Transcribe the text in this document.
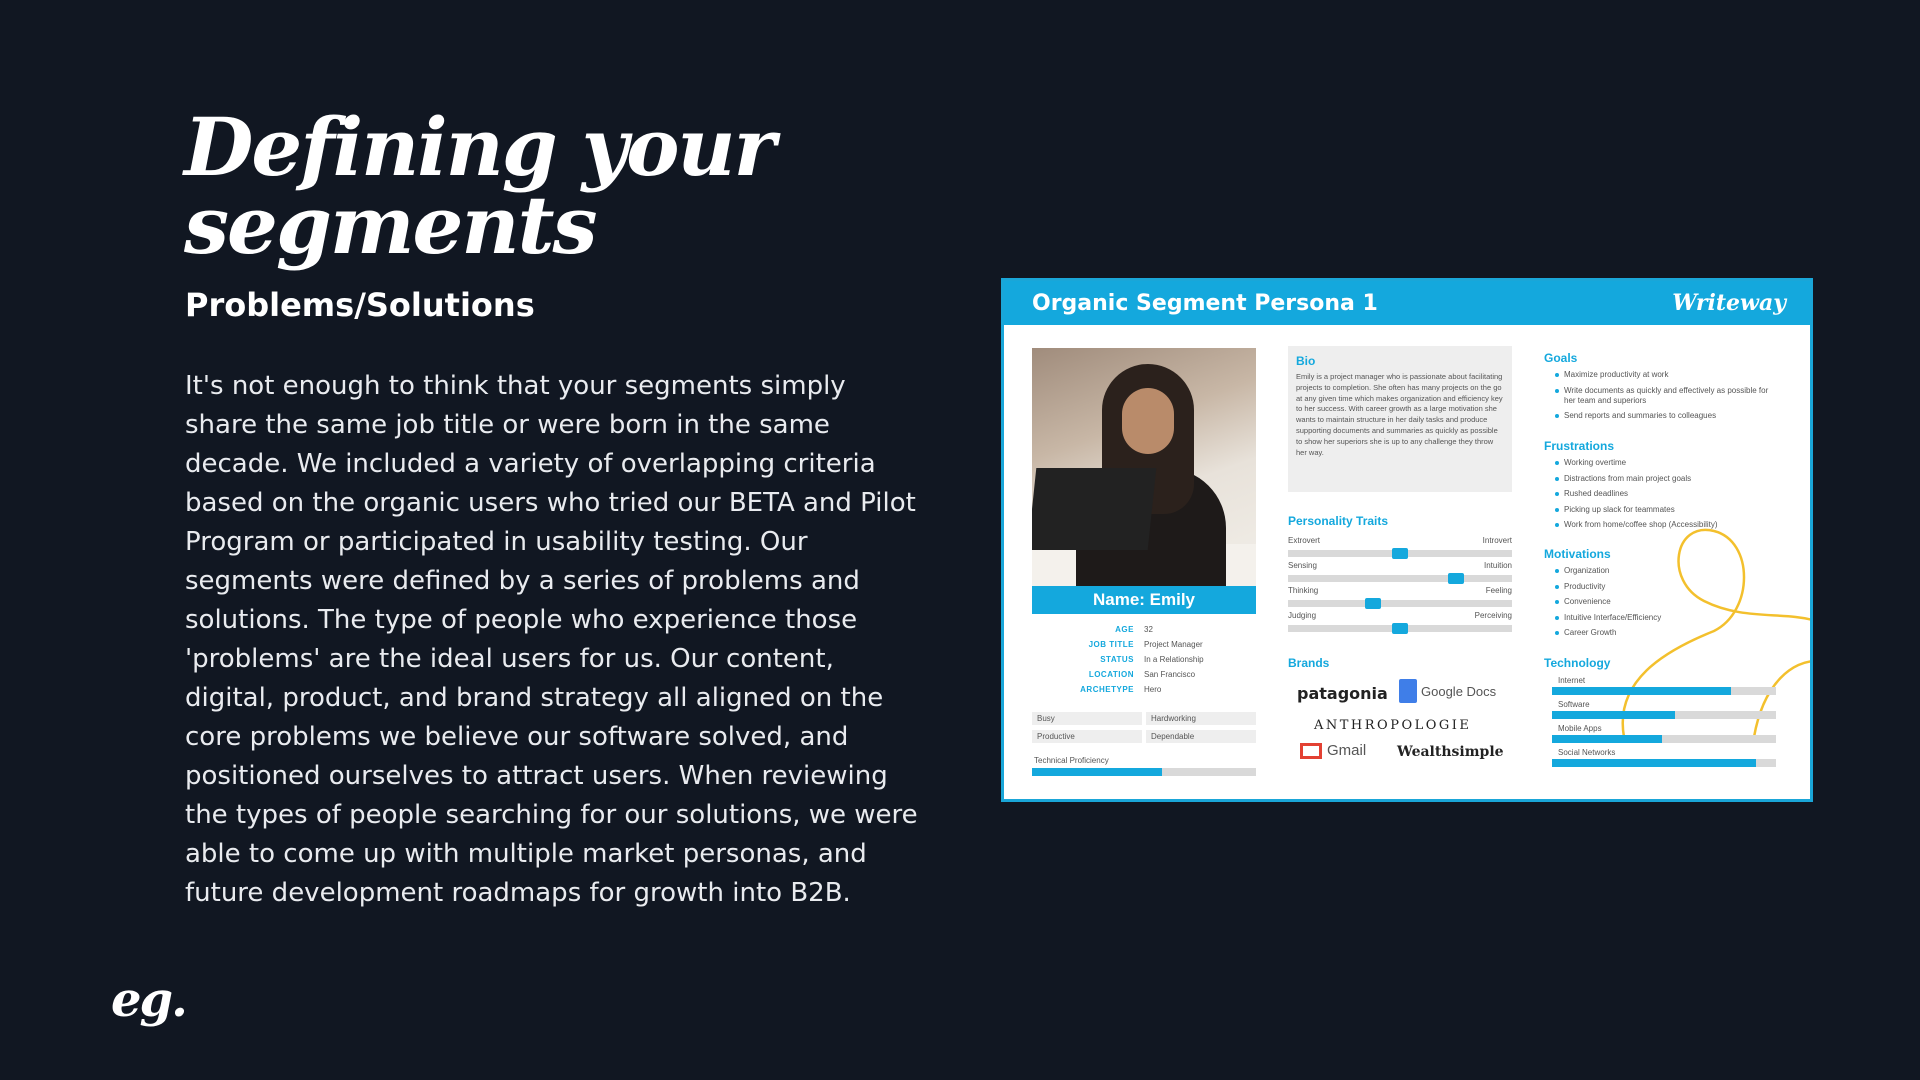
Defining your segments
Problems/Solutions
It's not enough to think that your segments simply share the same job title or were born in the same decade. We included a variety of overlapping criteria based on the organic users who tried our BETA and Pilot Program or participated in usability testing. Our segments were defined by a series of problems and solutions. The type of people who experience those 'problems' are the ideal users for us. Our content, digital, product, and brand strategy all aligned on the core problems we believe our software solved, and positioned ourselves to attract users. When reviewing the types of people searching for our solutions, we were able to come up with multiple market personas, and future development roadmaps for growth into B2B.
eg.
Organic Segment Persona 1	Writeway
Name: Emily
AGE	32
JOB TITLE	Project Manager
STATUS	In a Relationship
LOCATION	San Francisco
ARCHETYPE	Hero
Busy	Hardworking
Productive	Dependable
Technical Proficiency
Bio
Emily is a project manager who is passionate about facilitating projects to completion. She often has many projects on the go at any given time which makes organization and efficiency key to her success. With career growth as a large motivation she wants to maintain structure in her daily tasks and produce supporting documents and summaries as quickly as possible to show her superiors she is up to any challenge they throw her way.
Personality Traits
Extrovert	Introvert
Sensing	Intuition
Thinking	Feeling
Judging	Perceiving
Brands
patagonia	Google Docs
ANTHROPOLOGIE
Gmail Wealthsimple
Goals
Maximize productivity at work
Write documents as quickly and effectively as possible for her team and superiors
Send reports and summaries to colleagues
Frustrations
Working overtime
Distractions from main project goals
Rushed deadlines
Picking up slack for teammates
Work from home/coffee shop (Accessibility)
Motivations
Organization
Productivity
Convenience
Intuitive Interface/Efficiency
Career Growth
Technology
Internet
Software
Mobile Apps
Social Networks
